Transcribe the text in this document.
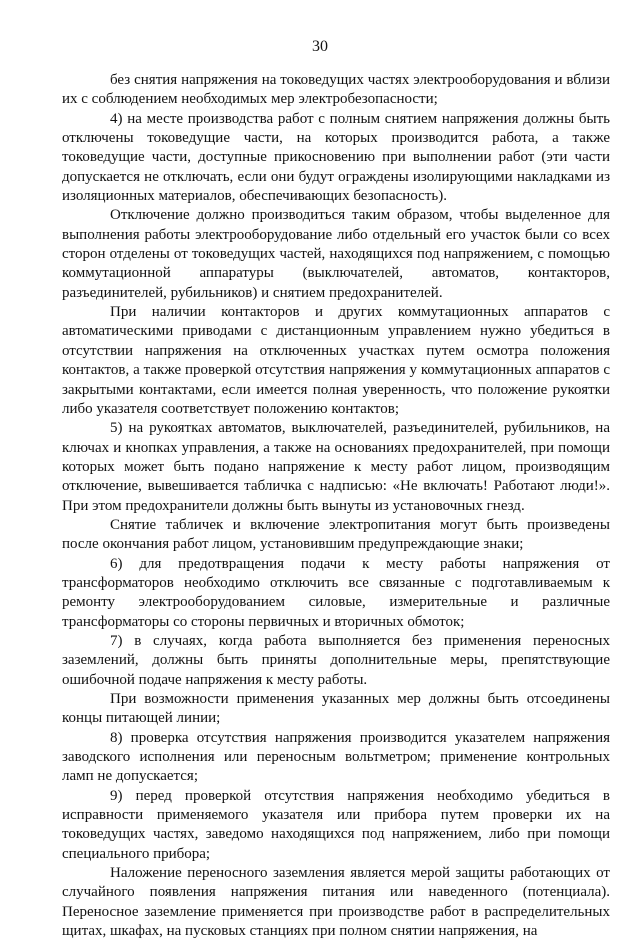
30

без снятия напряжения на токоведущих частях электрооборудования и вблизи их с соблюдением необходимых мер электробезопасности;

4) на месте производства работ с полным снятием напряжения должны быть отключены токоведущие части, на которых производится работа, а также токоведущие части, доступные прикосновению при выполнении работ (эти части допускается не отключать, если они будут ограждены изолирующими накладками из изоляционных материалов, обеспечивающих безопасность).

Отключение должно производиться таким образом, чтобы выделенное для выполнения работы электрооборудование либо отдельный его участок были со всех сторон отделены от токоведущих частей, находящихся под напряжением, с помощью коммутационной аппаратуры (выключателей, автоматов, контакторов, разъединителей, рубильников) и снятием предохранителей.

При наличии контакторов и других коммутационных аппаратов с автоматическими приводами с дистанционным управлением нужно убедиться в отсутствии напряжения на отключенных участках путем осмотра положения контактов, а также проверкой отсутствия напряжения у коммутационных аппаратов с закрытыми контактами, если имеется полная уверенность, что положение рукоятки либо указателя соответствует положению контактов;

5) на рукоятках автоматов, выключателей, разъединителей, рубильников, на ключах и кнопках управления, а также на основаниях предохранителей, при помощи которых может быть подано напряжение к месту работ лицом, производящим отключение, вывешивается табличка с надписью: «Не включать! Работают люди!». При этом предохранители должны быть вынуты из установочных гнезд.

Снятие табличек и включение электропитания могут быть произведены после окончания работ лицом, установившим предупреждающие знаки;

6) для предотвращения подачи к месту работы напряжения от трансформаторов необходимо отключить все связанные с подготавливаемым к ремонту электрооборудованием силовые, измерительные и различные трансформаторы со стороны первичных и вторичных обмоток;

7) в случаях, когда работа выполняется без применения переносных заземлений, должны быть приняты дополнительные меры, препятствующие ошибочной подаче напряжения к месту работы.

При возможности применения указанных мер должны быть отсоединены концы питающей линии;

8) проверка отсутствия напряжения производится указателем напряжения заводского исполнения или переносным вольтметром; применение контрольных ламп не допускается;

9) перед проверкой отсутствия напряжения необходимо убедиться в исправности применяемого указателя или прибора путем проверки их на токоведущих частях, заведомо находящихся под напряжением, либо при помощи специального прибора;

Наложение переносного заземления является мерой защиты работающих от случайного появления напряжения питания или наведенного (потенциала). Переносное заземление применяется при производстве работ в распределительных щитах, шкафах, на пусковых станциях при полном снятии напряжения, на
